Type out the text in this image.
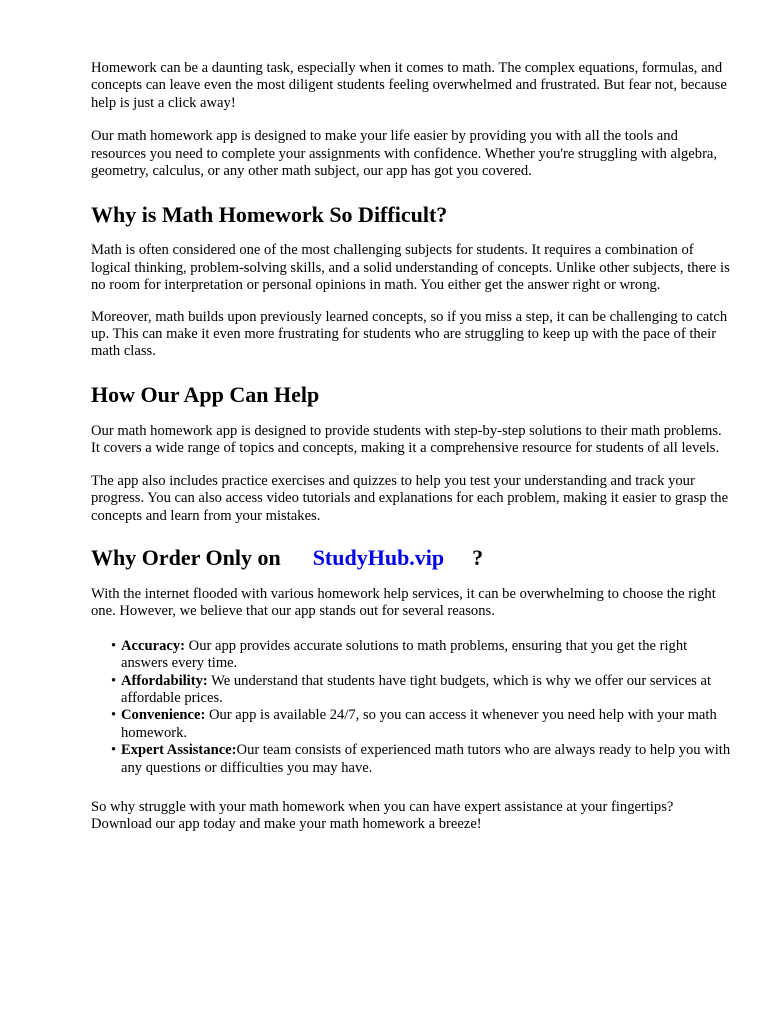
Homework can be a daunting task, especially when it comes to math. The complex equations, formulas, and concepts can leave even the most diligent students feeling overwhelmed and frustrated. But fear not, because help is just a click away!

Our math homework app is designed to make your life easier by providing you with all the tools and resources you need to complete your assignments with confidence. Whether you're struggling with algebra, geometry, calculus, or any other math subject, our app has got you covered.

Why is Math Homework So Difficult?

Math is often considered one of the most challenging subjects for students. It requires a combination of logical thinking, problem-solving skills, and a solid understanding of concepts. Unlike other subjects, there is no room for interpretation or personal opinions in math. You either get the answer right or wrong.

Moreover, math builds upon previously learned concepts, so if you miss a step, it can be challenging to catch up. This can make it even more frustrating for students who are struggling to keep up with the pace of their math class.

How Our App Can Help

Our math homework app is designed to provide students with step-by-step solutions to their math problems. It covers a wide range of topics and concepts, making it a comprehensive resource for students of all levels.

The app also includes practice exercises and quizzes to help you test your understanding and track your progress. You can also access video tutorials and explanations for each problem, making it easier to grasp the concepts and learn from your mistakes.

Why Order Only on StudyHub.vip ?

With the internet flooded with various homework help services, it can be overwhelming to choose the right one. However, we believe that our app stands out for several reasons.

• Accuracy: Our app provides accurate solutions to math problems, ensuring that you get the right answers every time.
• Affordability: We understand that students have tight budgets, which is why we offer our services at affordable prices.
• Convenience: Our app is available 24/7, so you can access it whenever you need help with your math homework.
• Expert Assistance:Our team consists of experienced math tutors who are always ready to help you with any questions or difficulties you may have.

So why struggle with your math homework when you can have expert assistance at your fingertips? Download our app today and make your math homework a breeze!
